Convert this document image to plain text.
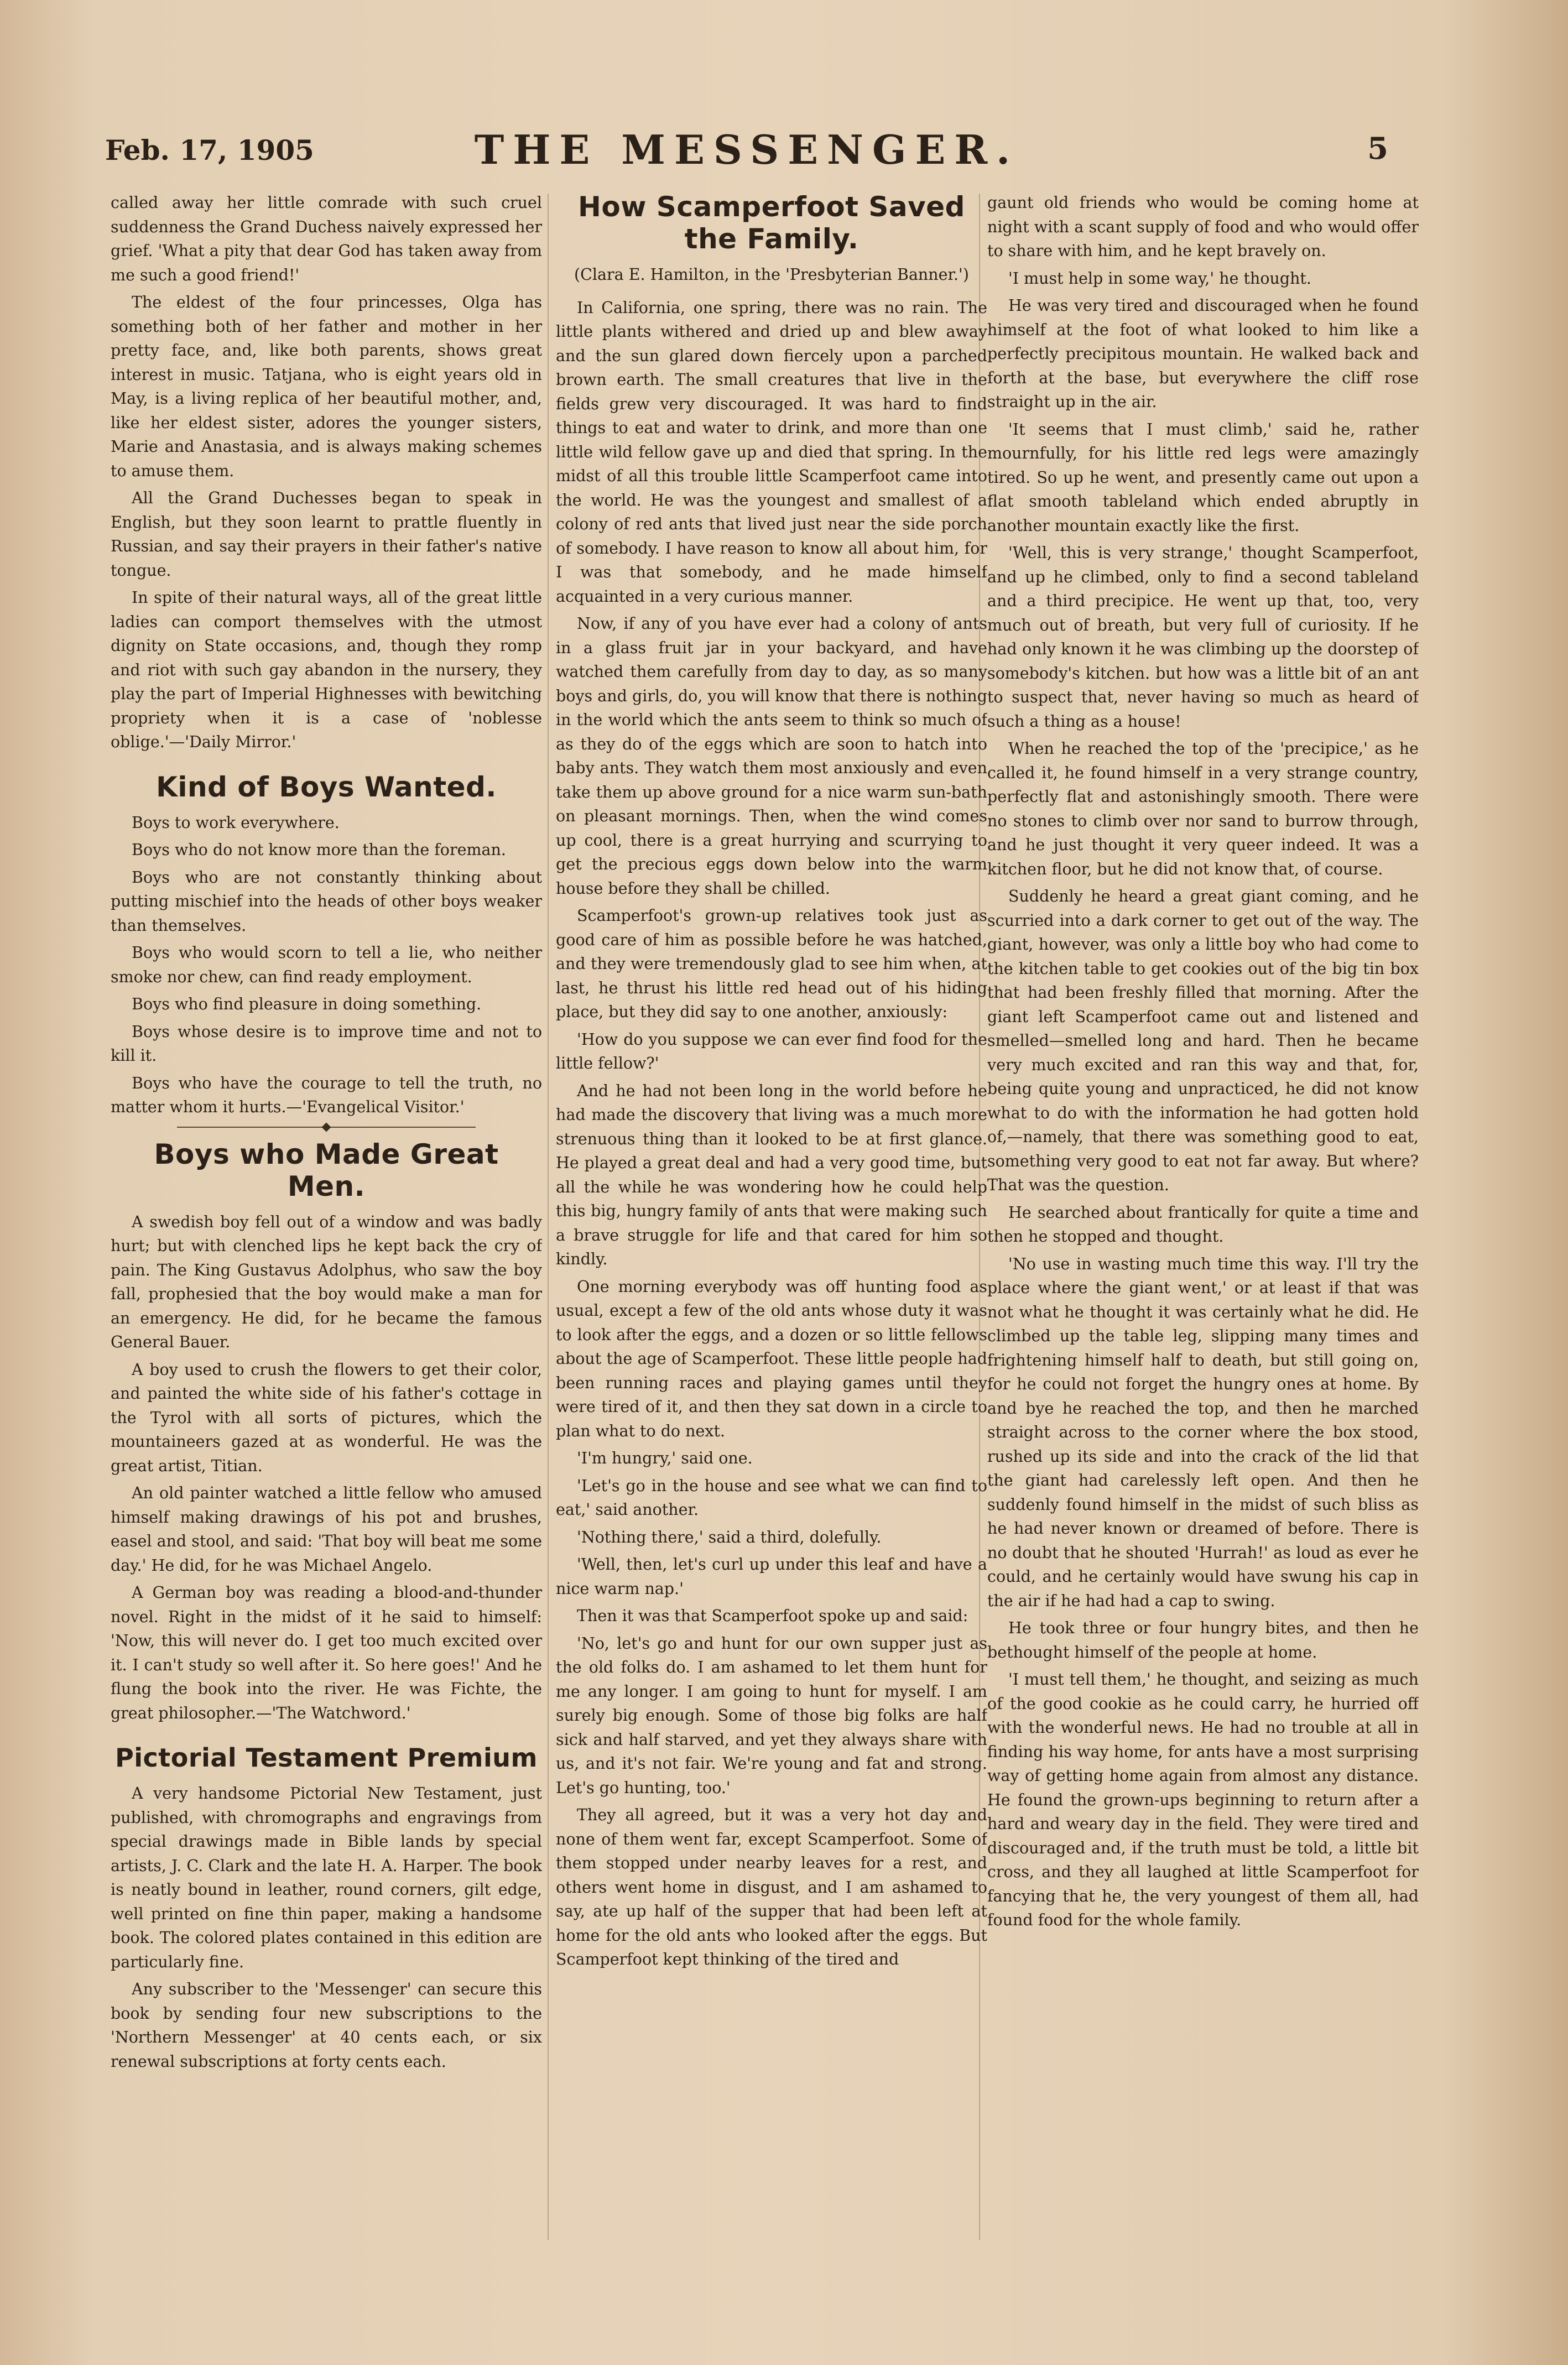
Feb. 17, 1905	THE MESSENGER.	5

called away her little comrade with such cruel suddenness the Grand Duchess naively expressed her grief. 'What a pity that dear God has taken away from me such a good friend!'

The eldest of the four princesses, Olga has something both of her father and mother in her pretty face, and, like both parents, shows great interest in music. Tatjana, who is eight years old in May, is a living replica of her beautiful mother, and, like her eldest sister, adores the younger sisters, Marie and Anastasia, and is always making schemes to amuse them.

All the Grand Duchesses began to speak in English, but they soon learnt to prattle fluently in Russian, and say their prayers in their father's native tongue.

In spite of their natural ways, all of the great little ladies can comport themselves with the utmost dignity on State occasions, and, though they romp and riot with such gay abandon in the nursery, they play the part of Imperial Highnesses with bewitching propriety when it is a case of 'noblesse oblige.'—'Daily Mirror.'

Kind of Boys Wanted.

Boys to work everywhere.

Boys who do not know more than the foreman.

Boys who are not constantly thinking about putting mischief into the heads of other boys weaker than themselves.

Boys who would scorn to tell a lie, who neither smoke nor chew, can find ready employment.

Boys who find pleasure in doing something.

Boys whose desire is to improve time and not to kill it.

Boys who have the courage to tell the truth, no matter whom it hurts.—'Evangelical Visitor.'

Boys who Made Great Men.

A swedish boy fell out of a window and was badly hurt; but with clenched lips he kept back the cry of pain. The King Gustavus Adolphus, who saw the boy fall, prophesied that the boy would make a man for an emergency. He did, for he became the famous General Bauer.

A boy used to crush the flowers to get their color, and painted the white side of his father's cottage in the Tyrol with all sorts of pictures, which the mountaineers gazed at as wonderful. He was the great artist, Titian.

An old painter watched a little fellow who amused himself making drawings of his pot and brushes, easel and stool, and said: 'That boy will beat me some day.' He did, for he was Michael Angelo.

A German boy was reading a blood-and-thunder novel. Right in the midst of it he said to himself: 'Now, this will never do. I get too much excited over it. I can't study so well after it. So here goes!' And he flung the book into the river. He was Fichte, the great philosopher.—'The Watchword.'

Pictorial Testament Premium

A very handsome Pictorial New Testament, just published, with chromographs and engravings from special drawings made in Bible lands by special artists, J. C. Clark and the late H. A. Harper. The book is neatly bound in leather, round corners, gilt edge, well printed on fine thin paper, making a handsome book. The colored plates contained in this edition are particularly fine.

Any subscriber to the 'Messenger' can secure this book by sending four new subscriptions to the 'Northern Messenger' at 40 cents each, or six renewal subscriptions at forty cents each.

How Scamperfoot Saved the Family.

(Clara E. Hamilton, in the 'Presbyterian Banner.')

In California, one spring, there was no rain. The little plants withered and dried up and blew away and the sun glared down fiercely upon a parched brown earth. The small creatures that live in the fields grew very discouraged. It was hard to find things to eat and water to drink, and more than one little wild fellow gave up and died that spring. In the midst of all this trouble little Scamperfoot came into the world. He was the youngest and smallest of a colony of red ants that lived just near the side porch of somebody. I have reason to know all about him, for I was that somebody, and he made himself acquainted in a very curious manner.

Now, if any of you have ever had a colony of ants in a glass fruit jar in your backyard, and have watched them carefully from day to day, as so many boys and girls, do, you will know that there is nothing in the world which the ants seem to think so much of as they do of the eggs which are soon to hatch into baby ants. They watch them most anxiously and even take them up above ground for a nice warm sun-bath on pleasant mornings. Then, when the wind comes up cool, there is a great hurrying and scurrying to get the precious eggs down below into the warm house before they shall be chilled.

Scamperfoot's grown-up relatives took just as good care of him as possible before he was hatched, and they were tremendously glad to see him when, at last, he thrust his little red head out of his hiding place, but they did say to one another, anxiously:

'How do you suppose we can ever find food for the little fellow?'

And he had not been long in the world before he had made the discovery that living was a much more strenuous thing than it looked to be at first glance. He played a great deal and had a very good time, but all the while he was wondering how he could help this big, hungry family of ants that were making such a brave struggle for life and that cared for him so kindly.

One morning everybody was off hunting food as usual, except a few of the old ants whose duty it was to look after the eggs, and a dozen or so little fellows about the age of Scamperfoot. These little people had been running races and playing games until they were tired of it, and then they sat down in a circle to plan what to do next.

'I'm hungry,' said one.

'Let's go in the house and see what we can find to eat,' said another.

'Nothing there,' said a third, dolefully.

'Well, then, let's curl up under this leaf and have a nice warm nap.'

Then it was that Scamperfoot spoke up and said:

'No, let's go and hunt for our own supper just as the old folks do. I am ashamed to let them hunt for me any longer. I am going to hunt for myself. I am surely big enough. Some of those big folks are half sick and half starved, and yet they always share with us, and it's not fair. We're young and fat and strong. Let's go hunting, too.'

They all agreed, but it was a very hot day and none of them went far, except Scamperfoot. Some of them stopped under nearby leaves for a rest, and others went home in disgust, and I am ashamed to say, ate up half of the supper that had been left at home for the old ants who looked after the eggs. But Scamperfoot kept thinking of the tired and

gaunt old friends who would be coming home at night with a scant supply of food and who would offer to share with him, and he kept bravely on.

'I must help in some way,' he thought.

He was very tired and discouraged when he found himself at the foot of what looked to him like a perfectly precipitous mountain. He walked back and forth at the base, but everywhere the cliff rose straight up in the air.

'It seems that I must climb,' said he, rather mournfully, for his little red legs were amazingly tired. So up he went, and presently came out upon a flat smooth tableland which ended abruptly in another mountain exactly like the first.

'Well, this is very strange,' thought Scamperfoot, and up he climbed, only to find a second tableland and a third precipice. He went up that, too, very much out of breath, but very full of curiosity. If he had only known it he was climbing up the doorstep of somebody's kitchen. but how was a little bit of an ant to suspect that, never having so much as heard of such a thing as a house!

When he reached the top of the 'precipice,' as he called it, he found himself in a very strange country, perfectly flat and astonishingly smooth. There were no stones to climb over nor sand to burrow through, and he just thought it very queer indeed. It was a kitchen floor, but he did not know that, of course.

Suddenly he heard a great giant coming, and he scurried into a dark corner to get out of the way. The giant, however, was only a little boy who had come to the kitchen table to get cookies out of the big tin box that had been freshly filled that morning. After the giant left Scamperfoot came out and listened and smelled—smelled long and hard. Then he became very much excited and ran this way and that, for, being quite young and unpracticed, he did not know what to do with the information he had gotten hold of,—namely, that there was something good to eat, something very good to eat not far away. But where? That was the question.

He searched about frantically for quite a time and then he stopped and thought.

'No use in wasting much time this way. I'll try the place where the giant went,' or at least if that was not what he thought it was certainly what he did. He climbed up the table leg, slipping many times and frightening himself half to death, but still going on, for he could not forget the hungry ones at home. By and bye he reached the top, and then he marched straight across to the corner where the box stood, rushed up its side and into the crack of the lid that the giant had carelessly left open. And then he suddenly found himself in the midst of such bliss as he had never known or dreamed of before. There is no doubt that he shouted 'Hurrah!' as loud as ever he could, and he certainly would have swung his cap in the air if he had had a cap to swing.

He took three or four hungry bites, and then he bethought himself of the people at home.

'I must tell them,' he thought, and seizing as much of the good cookie as he could carry, he hurried off with the wonderful news. He had no trouble at all in finding his way home, for ants have a most surprising way of getting home again from almost any distance. He found the grown-ups beginning to return after a hard and weary day in the field. They were tired and discouraged and, if the truth must be told, a little bit cross, and they all laughed at little Scamperfoot for fancying that he, the very youngest of them all, had found food for the whole family.
